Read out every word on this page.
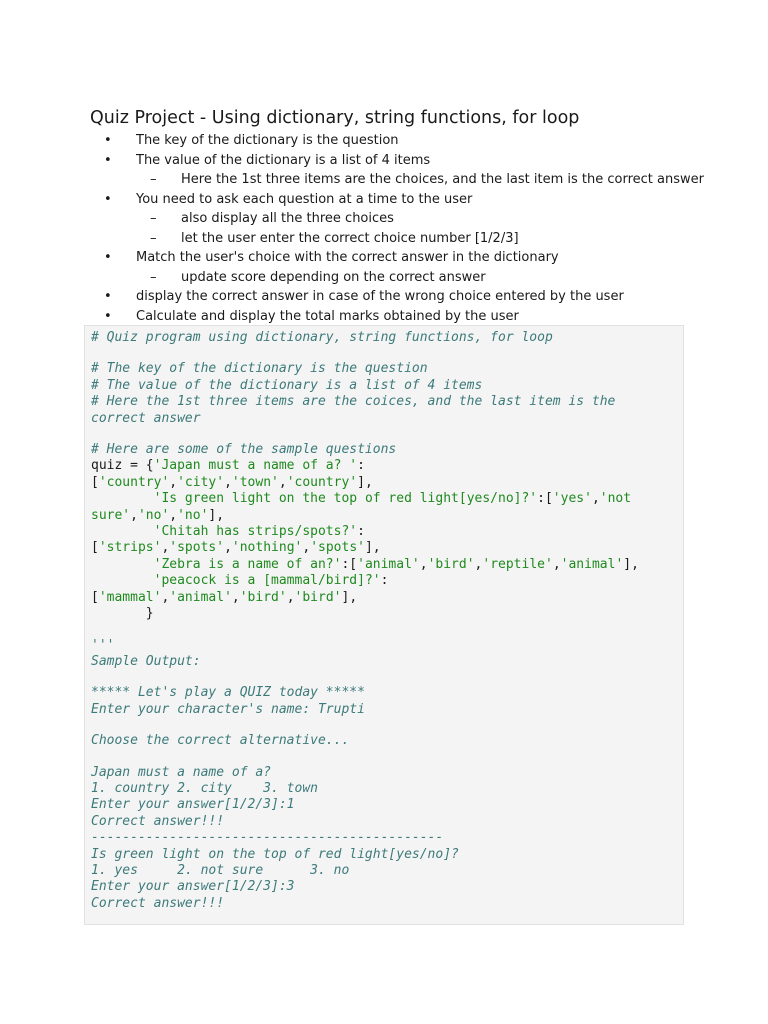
Quiz Project - Using dictionary, string functions, for loop
• The key of the dictionary is the question
• The value of the dictionary is a list of 4 items
– Here the 1st three items are the choices, and the last item is the correct answer
• You need to ask each question at a time to the user
– also display all the three choices
– let the user enter the correct choice number [1/2/3]
• Match the user's choice with the correct answer in the dictionary
– update score depending on the correct answer
• display the correct answer in case of the wrong choice entered by the user
• Calculate and display the total marks obtained by the user
# Quiz program using dictionary, string functions, for loop
# The key of the dictionary is the question
# The value of the dictionary is a list of 4 items
# Here the 1st three items are the coices, and the last item is the
correct answer
# Here are some of the sample questions
quiz = {'Japan must a name of a? ':
['country','city','town','country'],
'Is green light on the top of red light[yes/no]?':['yes','not
sure','no','no'],
'Chitah has strips/spots?':
['strips','spots','nothing','spots'],
'Zebra is a name of an?':['animal','bird','reptile','animal'],
'peacock is a [mammal/bird]?':
['mammal','animal','bird','bird'],
}
'''
Sample Output:
***** Let's play a QUIZ today *****
Enter your character's name: Trupti
Choose the correct alternative...
Japan must a name of a?
1. country 2. city    3. town
Enter your answer[1/2/3]:1
Correct answer!!!
---------------------------------------------
Is green light on the top of red light[yes/no]?
1. yes     2. not sure      3. no
Enter your answer[1/2/3]:3
Correct answer!!!
